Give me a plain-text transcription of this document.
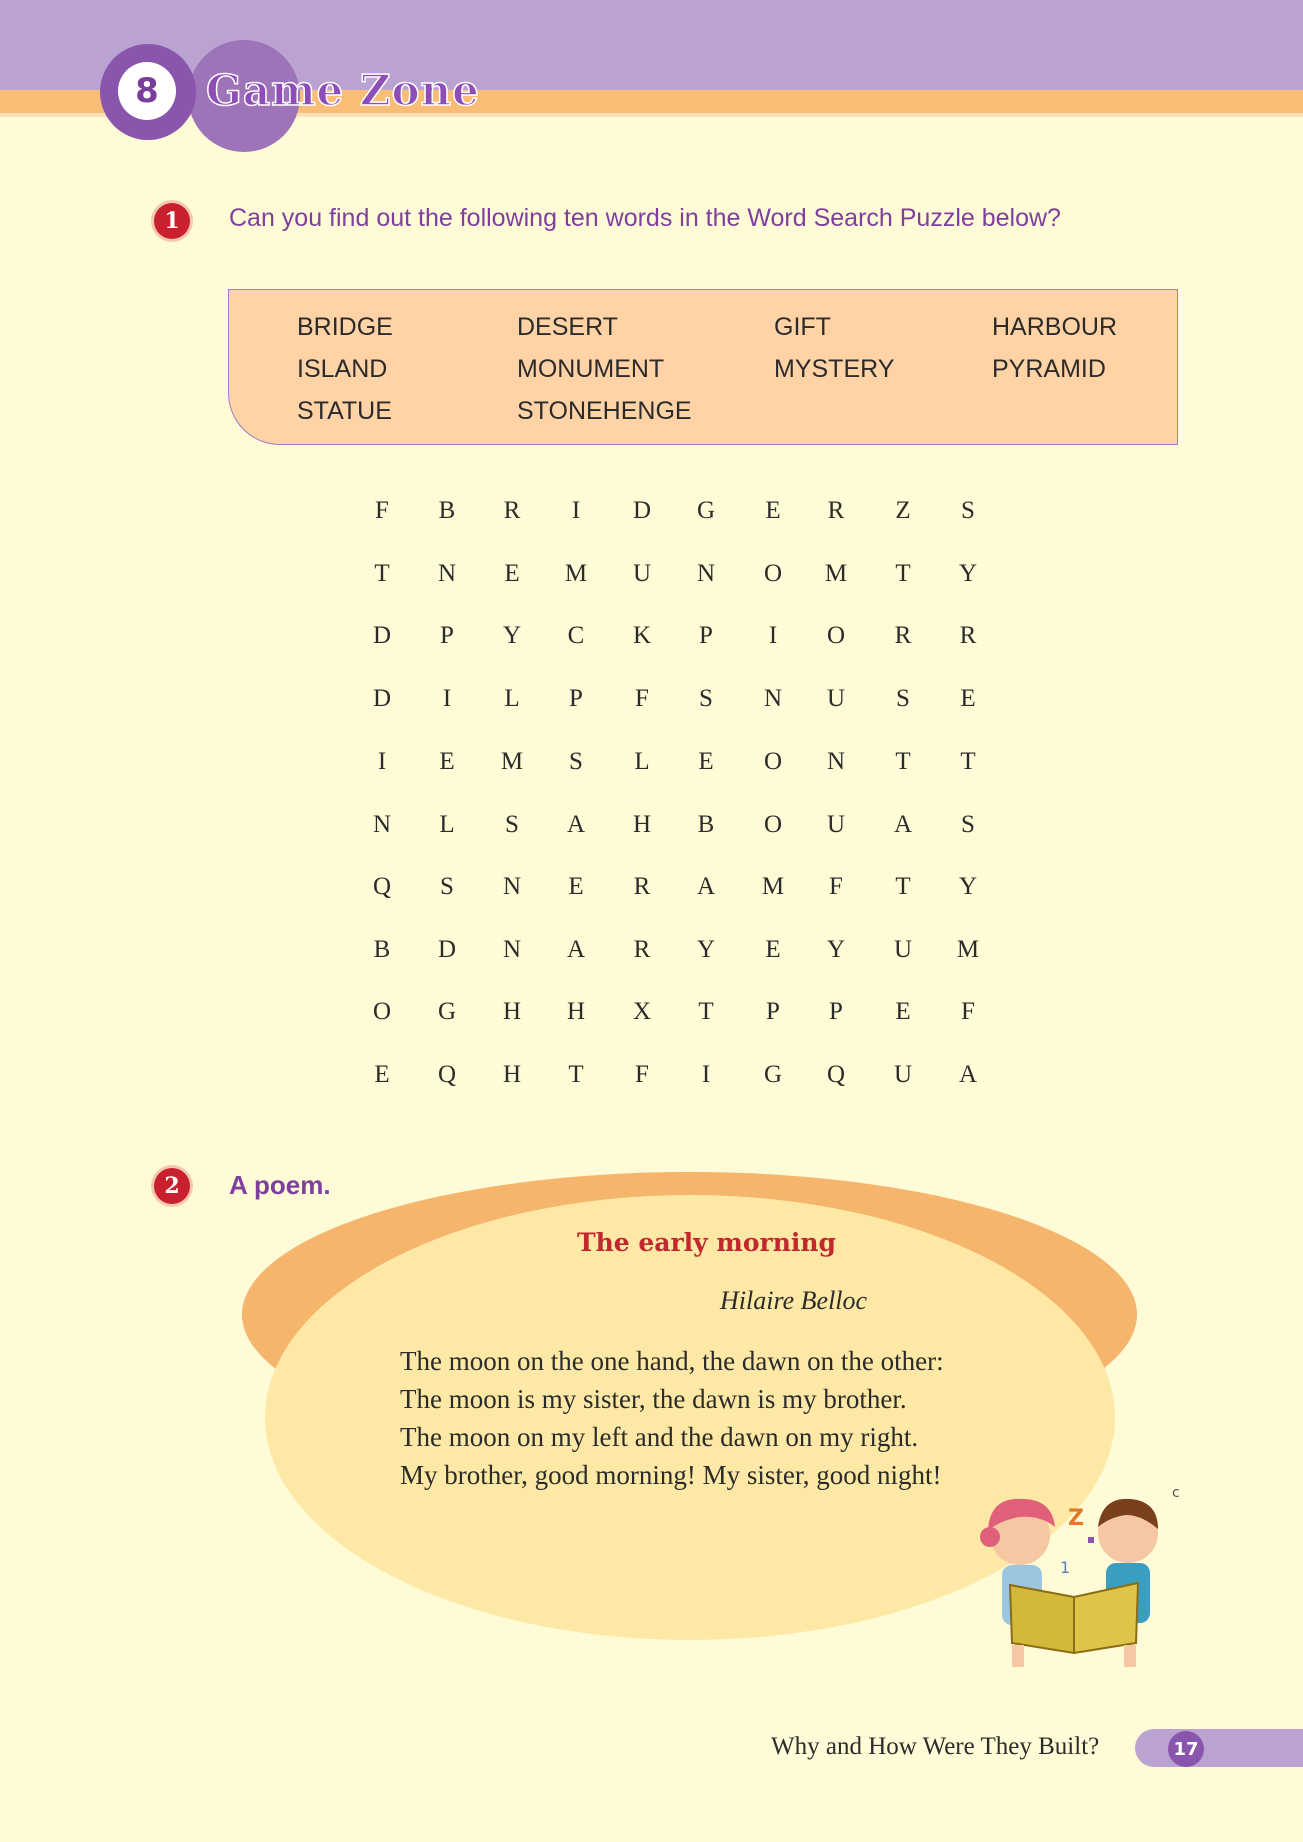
8 Game Zone
1 Can you find out the following ten words in the Word Search Puzzle below?
BRIDGE	DESERT	GIFT	HARBOUR
ISLAND	MONUMENT	MYSTERY	PYRAMID
STATUE	STONEHENGE
F	B	R	I	D	G	E	R	Z	S
T	N	E	M	U	N	O	M	T	Y
D	P	Y	C	K	P	I	O	R	R
D	I	L	P	F	S	N	U	S	E
I	E	M	S	L	E	O	N	T	T
N	L	S	A	H	B	O	U	A	S
Q	S	N	E	R	A	M	F	T	Y
B	D	N	A	R	Y	E	Y	U	M
O	G	H	H	X	T	P	P	E	F
E	Q	H	T	F	I	G	Q	U	A
2 A poem.
The early morning
Hilaire Belloc
The moon on the one hand, the dawn on the other:
The moon is my sister, the dawn is my brother.
The moon on my left and the dawn on my right.
My brother, good morning! My sister, good night!
Z
c
1
17
Why and How Were They Built?
